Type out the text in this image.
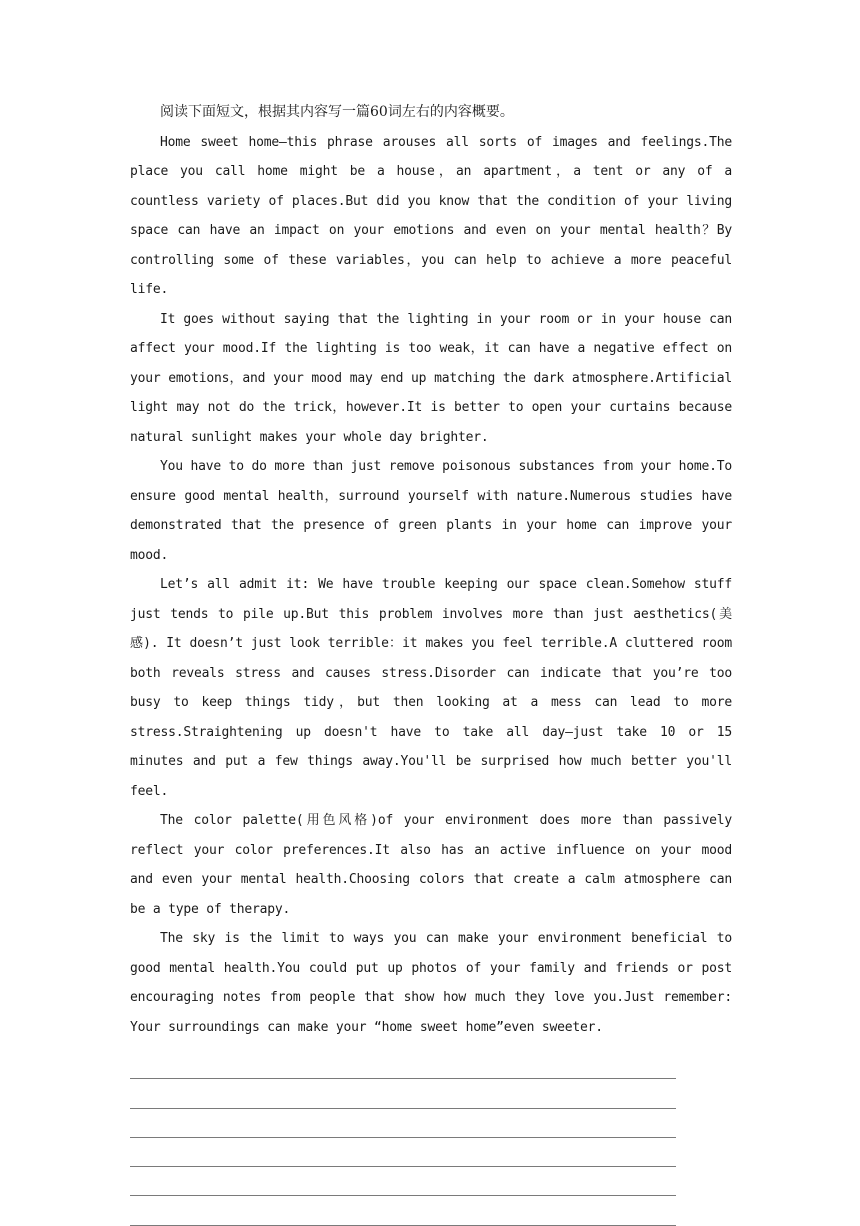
阅读下面短文，根据其内容写一篇60词左右的内容概要。

Home sweet home—this phrase arouses all sorts of images and feelings.The place you call home might be a house，an apartment，a tent or any of a countless variety of places.But did you know that the condition of your living space can have an impact on your emotions and even on your mental health？By controlling some of these variables，you can help to achieve a more peaceful life.

It goes without saying that the lighting in your room or in your house can affect your mood.If the lighting is too weak，it can have a negative effect on your emotions，and your mood may end up matching the dark atmosphere.Artificial light may not do the trick，however.It is better to open your curtains because natural sunlight makes your whole day brighter.

You have to do more than just remove poisonous substances from your home.To ensure good mental health，surround yourself with nature.Numerous studies have demonstrated that the presence of green plants in your home can improve your mood.

Let’s all admit it: We have trouble keeping our space clean.Somehow stuff just tends to pile up.But this problem involves more than just aesthetics(美感). It doesn’t just look terrible：it makes you feel terrible.A cluttered room both reveals stress and causes stress.Disorder can indicate that you’re too busy to keep things tidy，but then looking at a mess can lead to more stress.Straightening up doesn't have to take all day—just take 10 or 15 minutes and put a few things away.You'll be surprised how much better you'll feel.

The color palette(用色风格)of your environment does more than passively reflect your color preferences.It also has an active influence on your mood and even your mental health.Choosing colors that create a calm atmosphere can be a type of therapy.

The sky is the limit to ways you can make your environment beneficial to good mental health.You could put up photos of your family and friends or post encouraging notes from people that show how much they love you.Just remember: Your surroundings can make your “home sweet home”even sweeter.
